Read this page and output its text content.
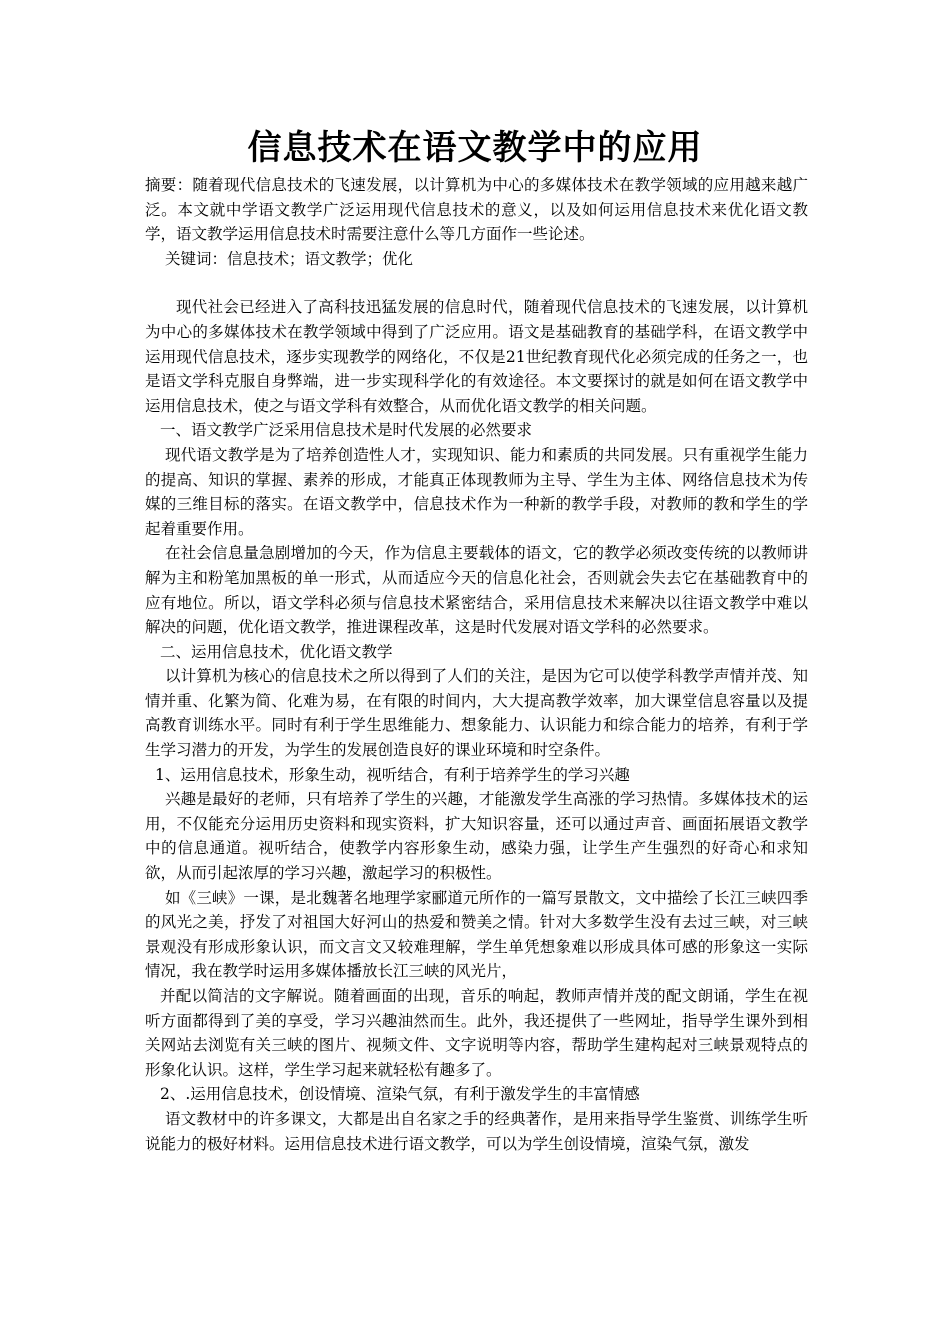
信息技术在语文教学中的应用

摘要：随着现代信息技术的飞速发展，以计算机为中心的多媒体技术在教学领域的应用越来越广泛。本文就中学语文教学广泛运用现代信息技术的意义，以及如何运用信息技术来优化语文教学，语文教学运用信息技术时需要注意什么等几方面作一些论述。

关键词：信息技术；语文教学；优化

现代社会已经进入了高科技迅猛发展的信息时代，随着现代信息技术的飞速发展，以计算机为中心的多媒体技术在教学领域中得到了广泛应用。语文是基础教育的基础学科，在语文教学中运用现代信息技术，逐步实现教学的网络化，不仅是21世纪教育现代化必须完成的任务之一，也是语文学科克服自身弊端，进一步实现科学化的有效途径。本文要探讨的就是如何在语文教学中运用信息技术，使之与语文学科有效整合，从而优化语文教学的相关问题。

一、语文教学广泛采用信息技术是时代发展的必然要求

现代语文教学是为了培养创造性人才，实现知识、能力和素质的共同发展。只有重视学生能力的提高、知识的掌握、素养的形成，才能真正体现教师为主导、学生为主体、网络信息技术为传媒的三维目标的落实。在语文教学中，信息技术作为一种新的教学手段，对教师的教和学生的学起着重要作用。

在社会信息量急剧增加的今天，作为信息主要载体的语文，它的教学必须改变传统的以教师讲解为主和粉笔加黑板的单一形式，从而适应今天的信息化社会，否则就会失去它在基础教育中的应有地位。所以，语文学科必须与信息技术紧密结合，采用信息技术来解决以往语文教学中难以解决的问题，优化语文教学，推进课程改革，这是时代发展对语文学科的必然要求。

二、运用信息技术，优化语文教学

以计算机为核心的信息技术之所以得到了人们的关注，是因为它可以使学科教学声情并茂、知情并重、化繁为简、化难为易，在有限的时间内，大大提高教学效率，加大课堂信息容量以及提高教育训练水平。同时有利于学生思维能力、想象能力、认识能力和综合能力的培养，有利于学生学习潜力的开发，为学生的发展创造良好的课业环境和时空条件。

1、运用信息技术，形象生动，视听结合，有利于培养学生的学习兴趣

兴趣是最好的老师，只有培养了学生的兴趣，才能激发学生高涨的学习热情。多媒体技术的运用，不仅能充分运用历史资料和现实资料，扩大知识容量，还可以通过声音、画面拓展语文教学中的信息通道。视听结合，使教学内容形象生动，感染力强，让学生产生强烈的好奇心和求知欲，从而引起浓厚的学习兴趣，激起学习的积极性。

如《三峡》一课，是北魏著名地理学家郦道元所作的一篇写景散文，文中描绘了长江三峡四季的风光之美，抒发了对祖国大好河山的热爱和赞美之情。针对大多数学生没有去过三峡，对三峡景观没有形成形象认识，而文言文又较难理解，学生单凭想象难以形成具体可感的形象这一实际情况，我在教学时运用多媒体播放长江三峡的风光片，

并配以简洁的文字解说。随着画面的出现，音乐的响起，教师声情并茂的配文朗诵，学生在视听方面都得到了美的享受，学习兴趣油然而生。此外，我还提供了一些网址，指导学生课外到相关网站去浏览有关三峡的图片、视频文件、文字说明等内容，帮助学生建构起对三峡景观特点的形象化认识。这样，学生学习起来就轻松有趣多了。

2、.运用信息技术，创设情境、渲染气氛，有利于激发学生的丰富情感

语文教材中的许多课文，大都是出自名家之手的经典著作，是用来指导学生鉴赏、训练学生听说能力的极好材料。运用信息技术进行语文教学，可以为学生创设情境，渲染气氛，激发
